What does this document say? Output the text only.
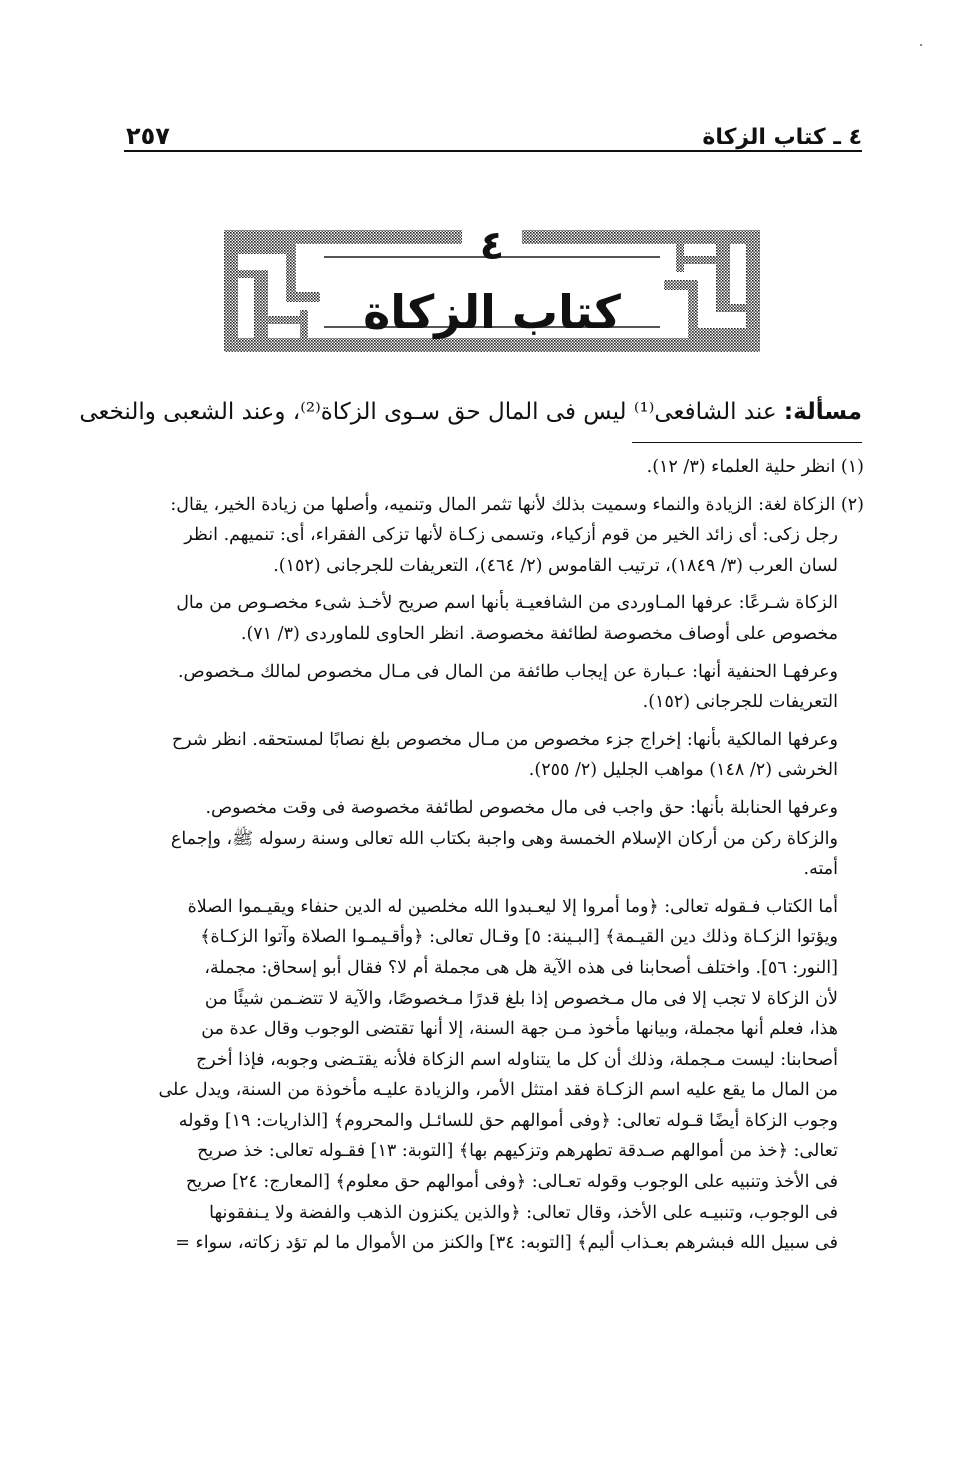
٢٥٧	٤ ـ كتاب الزكاة
٤
كتاب الزكاة
مسألة: عند الشافعى⁽¹⁾ ليس فى المال حق سـوى الزكاة⁽²⁾، وعند الشعبى والنخعى
(١) انظر حلية العلماء (٣/ ١٢).
(٢) الزكاة لغة: الزيادة والنماء وسميت بذلك لأنها تثمر المال وتنميه، وأصلها من زيادة الخير، يقال:
رجل زكى: أى زائد الخير من قوم أزكياء، وتسمى زكـاة لأنها تزكى الفقراء، أى: تنميهم. انظر
لسان العرب (٣/ ١٨٤٩)، ترتيب القاموس (٢/ ٤٦٤)، التعريفات للجرجانى (١٥٢).
الزكاة شـرعًا: عرفها المـاوردى من الشافعيـة بأنها اسم صريح لأخـذ شىء مخصـوص من مال
مخصوص على أوصاف مخصوصة لطائفة مخصوصة. انظر الحاوى للماوردى (٣/ ٧١).
وعرفهـا الحنفية أنها: عـبارة عن إيجاب طائفة من المال فى مـال مخصوص لمالك مـخصوص.
التعريفات للجرجانى (١٥٢).
وعرفها المالكية بأنها: إخراج جزء مخصوص من مـال مخصوص بلغ نصابًا لمستحقه. انظر شرح
الخرشى (٢/ ١٤٨) مواهب الجليل (٢/ ٢٥٥).
وعرفها الحنابلة بأنها: حق واجب فى مال مخصوص لطائفة مخصوصة فى وقت مخصوص.
والزكاة ركن من أركان الإسلام الخمسة وهى واجبة بكتاب الله تعالى وسنة رسوله ﷺ، وإجماع
أمته.
أما الكتاب فـقوله تعالى: ﴿وما أمروا إلا ليعـبدوا الله مخلصين له الدين حنفاء ويقيـموا الصلاة
ويؤتوا الزكـاة وذلك دين القيـمة﴾ [البـينة: ٥] وقـال تعالى: ﴿وأقـيمـوا الصلاة وآتوا الزكـاة﴾
[النور: ٥٦]. واختلف أصحابنا فى هذه الآية هل هى مجملة أم لا؟ فقال أبو إسحاق: مجملة،
لأن الزكاة لا تجب إلا فى مال مـخصوص إذا بلغ قدرًا مـخصوصًا، والآية لا تتضـمن شيئًا من
هذا، فعلم أنها مجملة، وبيانها مأخوذ مـن جهة السنة، إلا أنها تقتضى الوجوب وقال عدة من
أصحابنا: ليست مـجملة، وذلك أن كل ما يتناوله اسم الزكاة فلأنه يقتـضى وجوبه، فإذا أخرج
من المال ما يقع عليه اسم الزكـاة فقد امتثل الأمر، والزيادة عليـه مأخوذة من السنة، ويدل على
وجوب الزكاة أيضًا قـوله تعالى: ﴿وفى أموالهم حق للسائـل والمحروم﴾ [الذاريات: ١٩] وقوله
تعالى: ﴿خذ من أموالهم صـدقة تطهرهم وتزكيهم بها﴾ [التوبة: ١٣] فقـوله تعالى: خذ صريح
فى الأخذ وتنبيه على الوجوب وقوله تعـالى: ﴿وفى أموالهم حق معلوم﴾ [المعارج: ٢٤] صريح
فى الوجوب، وتنبيـه على الأخذ، وقال تعالى: ﴿والذين يكنزون الذهب والفضة ولا يـنفقونها
فى سبيل الله فبشرهم بعـذاب أليم﴾ [التوبه: ٣٤] والكنز من الأموال ما لم تؤد زكاته، سواء =
